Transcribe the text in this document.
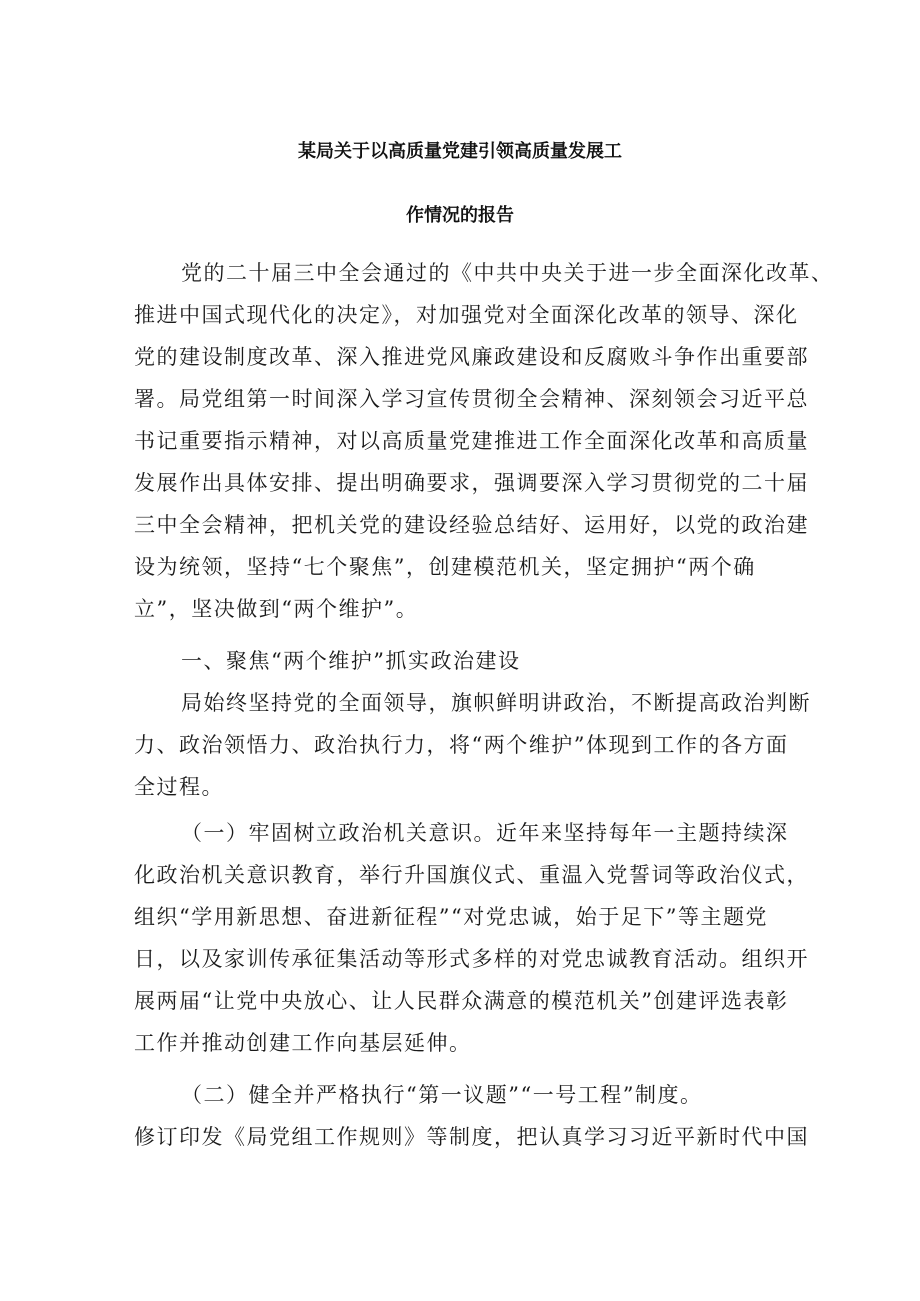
某局关于以高质量党建引领高质量发展工
作情况的报告
党的二十届三中全会通过的《中共中央关于进一步全面深化改革、
推进中国式现代化的决定》，对加强党对全面深化改革的领导、深化
党的建设制度改革、深入推进党风廉政建设和反腐败斗争作出重要部
署。局党组第一时间深入学习宣传贯彻全会精神、深刻领会习近平总
书记重要指示精神，对以高质量党建推进工作全面深化改革和高质量
发展作出具体安排、提出明确要求，强调要深入学习贯彻党的二十届
三中全会精神，把机关党的建设经验总结好、运用好，以党的政治建
设为统领，坚持“七个聚焦”，创建模范机关，坚定拥护“两个确
立”，坚决做到“两个维护”。
一、聚焦“两个维护”抓实政治建设
局始终坚持党的全面领导，旗帜鲜明讲政治，不断提高政治判断
力、政治领悟力、政治执行力，将“两个维护”体现到工作的各方面
全过程。
（一）牢固树立政治机关意识。近年来坚持每年一主题持续深
化政治机关意识教育，举行升国旗仪式、重温入党誓词等政治仪式，
组织“学用新思想、奋进新征程”“对党忠诚，始于足下”等主题党
日，以及家训传承征集活动等形式多样的对党忠诚教育活动。组织开
展两届“让党中央放心、让人民群众满意的模范机关”创建评选表彰
工作并推动创建工作向基层延伸。
（二）健全并严格执行“第一议题”“一号工程”制度。
修订印发《局党组工作规则》等制度，把认真学习习近平新时代中国
